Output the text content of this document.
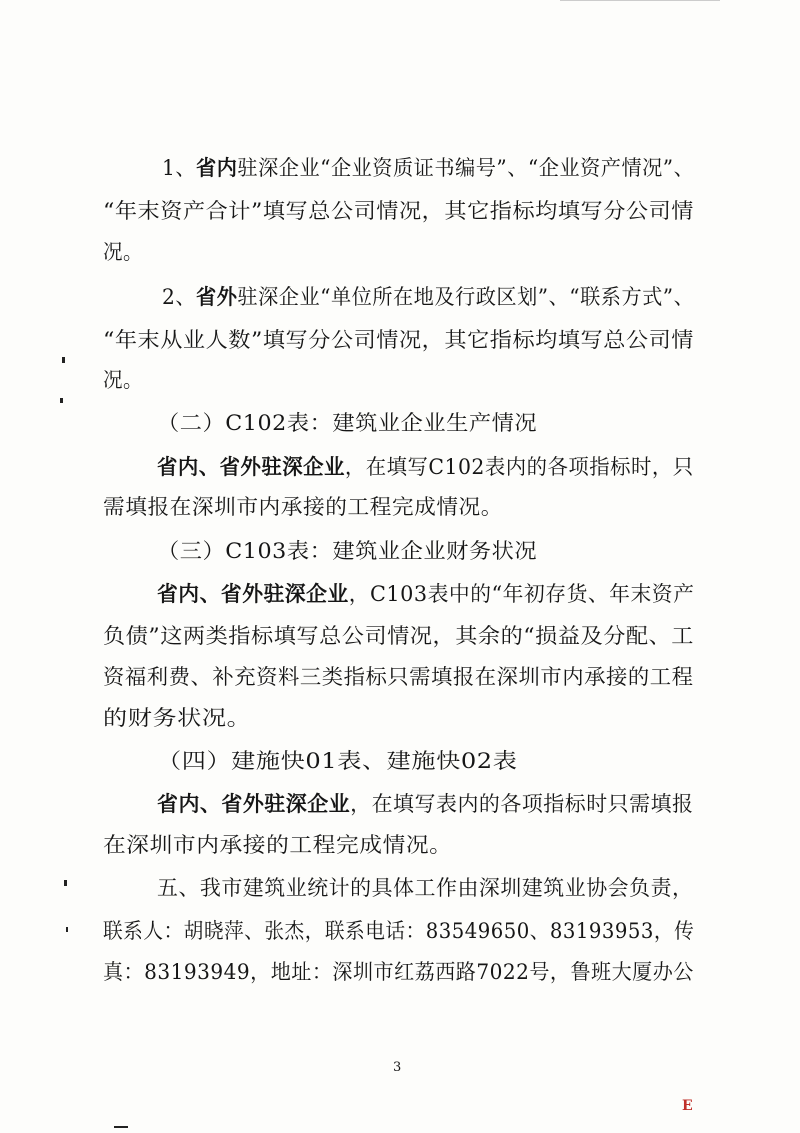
1、省内驻深企业“企业资质证书编号”、“企业资产情况”、
“年末资产合计”填写总公司情况，其它指标均填写分公司情
况。
2、省外驻深企业“单位所在地及行政区划”、“联系方式”、
“年末从业人数”填写分公司情况，其它指标均填写总公司情
况。
（二）C102表：建筑业企业生产情况
省内、省外驻深企业，在填写C102表内的各项指标时，只
需填报在深圳市内承接的工程完成情况。
（三）C103表：建筑业企业财务状况
省内、省外驻深企业，C103表中的“年初存货、年末资产
负债”这两类指标填写总公司情况，其余的“损益及分配、工
资福利费、补充资料三类指标只需填报在深圳市内承接的工程
的财务状况。
（四）建施快01表、建施快02表
省内、省外驻深企业，在填写表内的各项指标时只需填报
在深圳市内承接的工程完成情况。
五、我市建筑业统计的具体工作由深圳建筑业协会负责，
联系人：胡晓萍、张杰，联系电话：83549650、83193953，传
真：83193949，地址：深圳市红荔西路7022号，鲁班大厦办公
3
E
